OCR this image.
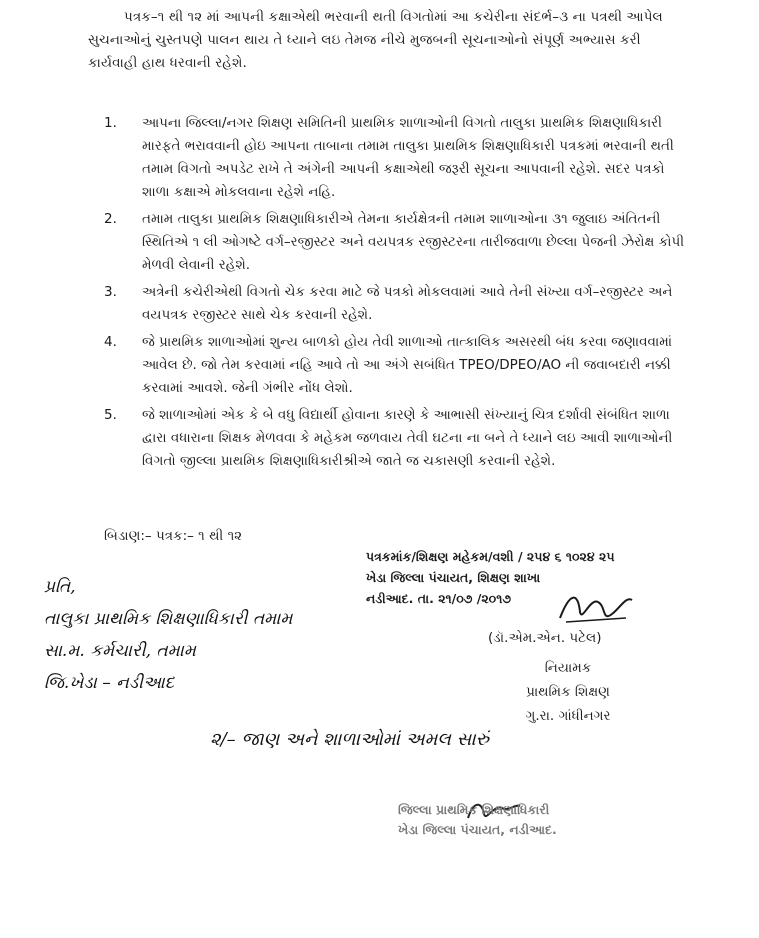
પત્રક–૧ થી ૧૨ માં આપની કક્ષાએથી ભરવાની થતી વિગતોમાં આ કચેરીના સંદર્ભ–૩ ના પત્રથી આપેલ સુચનાઓનું ચુસ્તપણે પાલન થાય તે ધ્યાને લઇ તેમજ નીચે મુજબની સૂચનાઓનો સંપૂર્ણ અભ્યાસ કરી કાર્યવાહી હાથ ધરવાની રહેશે.

1.	આપના જિલ્લા/નગર શિક્ષણ સમિતિની પ્રાથમિક શાળાઓની વિગતો તાલુકા પ્રાથમિક શિક્ષણાધિકારી મારફતે ભરાવવાની હોઇ આપના તાબાના તમામ તાલુકા પ્રાથમિક શિક્ષણાધિકારી પત્રકમાં ભરવાની થતી તમામ વિગતો અપડેટ રાખે તે અંગેની આપની કક્ષાએથી જરૂરી સૂચના આપવાની રહેશે. સદર પત્રકો શાળા કક્ષાએ મોકલવાના રહેશે નહિ.
2.	તમામ તાલુકા પ્રાથમિક શિક્ષણાધિકારીએ તેમના કાર્યક્ષેત્રની તમામ શાળાઓના ૩૧ જુલાઇ અંતિતની સ્થિતિએ ૧ લી ઓગષ્ટે વર્ગ–રજીસ્ટર અને વયપત્રક રજીસ્ટરના તારીજવાળા છેલ્લા પેજની ઝેરોક્ષ કોપી મેળવી લેવાની રહેશે.
3.	અત્રેની કચેરીએથી વિગતો ચેક કરવા માટે જે પત્રકો મોકલવામાં આવે તેની સંખ્યા વર્ગ–રજીસ્ટર અને વયપત્રક રજીસ્ટર સાથે ચેક કરવાની રહેશે.
4.	જે પ્રાથમિક શાળાઓમાં શુન્ય બાળકો હોય તેવી શાળાઓ તાત્કાલિક અસરથી બંધ કરવા જણાવવામાં આવેલ છે. જો તેમ કરવામાં નહિ આવે તો આ અંગે સબંધિત TPEO/DPEO/AO ની જવાબદારી નક્કી કરવામાં આવશે. જેની ગંભીર નોંધ લેશો.
5.	જે શાળાઓમાં એક કે બે વધુ વિદ્યાર્થી હોવાના કારણે કે આભાસી સંખ્યાનું ચિત્ર દર્શાવી સંબંધિત શાળા દ્વારા વધારાના શિક્ષક મેળવવા કે મહેકમ જળવાય તેવી ઘટના ના બને તે ધ્યાને લઇ આવી શાળાઓની વિગતો જીલ્લા પ્રાથમિક શિક્ષણાધિકારીશ્રીએ જાતે જ ચકાસણી કરવાની રહેશે.
બિડાણ:– પત્રક:– ૧ થી ૧૨
પત્રકમાંક/શિક્ષણ મહેકમ/વશી / ૨૫૪ ૬ ૧૦૨૪ ૨૫
ખેડા જિલ્લા પંચાયત, શિક્ષણ શાખા
નડીઆદ. તા. ૨૧/૦૭ /૨૦૧૭
(ડૉ.એમ.એન. પટેલ)
નિયામક
પ્રાથમિક શિક્ષણ
ગુ.રા. ગાંધીનગર
પ્રતિ,
તાલુકા પ્રાથમિક શિક્ષણાધિકારી તમામ
સા.મ. કર્મચારી, તમામ
જિ.ખેડા – નડીઆદ
૨/– જાણ અને શાળાઓમાં અમલ સારું
જિલ્લા પ્રાથમિક શિક્ષણાધિકારી
ખેડા જિલ્લા પંચાયત, નડીઆદ.
